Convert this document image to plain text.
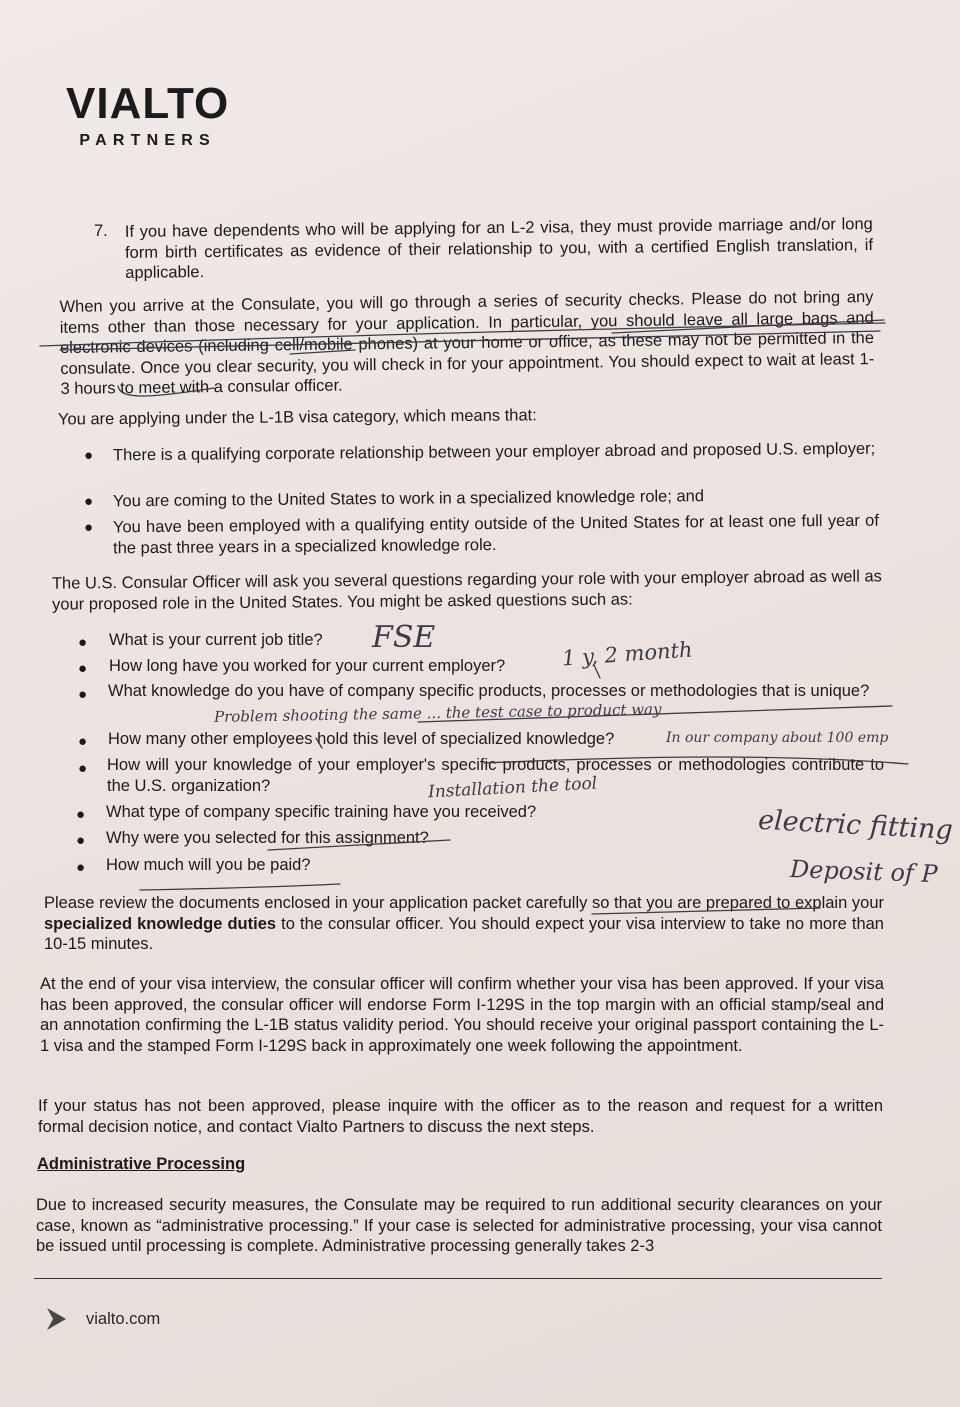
VIALTO
PARTNERS
7. If you have dependents who will be applying for an L-2 visa, they must provide marriage and/or long form birth certificates as evidence of their relationship to you, with a certified English translation, if applicable.
When you arrive at the Consulate, you will go through a series of security checks. Please do not bring any items other than those necessary for your application. In particular, you should leave all large bags and electronic devices (including cell/mobile phones) at your home or office, as these may not be permitted in the consulate. Once you clear security, you will check in for your appointment. You should expect to wait at least 1-3 hours to meet with a consular officer.
You are applying under the L-1B visa category, which means that:
● There is a qualifying corporate relationship between your employer abroad and proposed U.S. employer;
● You are coming to the United States to work in a specialized knowledge role; and
● You have been employed with a qualifying entity outside of the United States for at least one full year of the past three years in a specialized knowledge role.
The U.S. Consular Officer will ask you several questions regarding your role with your employer abroad as well as your proposed role in the United States. You might be asked questions such as:
● What is your current job title?
● How long have you worked for your current employer?
● What knowledge do you have of company specific products, processes or methodologies that is unique?
● How many other employees hold this level of specialized knowledge?
● How will your knowledge of your employer's specific products, processes or methodologies contribute to the U.S. organization?
● What type of company specific training have you received?
● Why were you selected for this assignment?
● How much will you be paid?
Please review the documents enclosed in your application packet carefully so that you are prepared to explain your specialized knowledge duties to the consular officer. You should expect your visa interview to take no more than 10-15 minutes.
At the end of your visa interview, the consular officer will confirm whether your visa has been approved. If your visa has been approved, the consular officer will endorse Form I-129S in the top margin with an official stamp/seal and an annotation confirming the L-1B status validity period. You should receive your original passport containing the L-1 visa and the stamped Form I-129S back in approximately one week following the appointment.
If your status has not been approved, please inquire with the officer as to the reason and request for a written formal decision notice, and contact Vialto Partners to discuss the next steps.
Administrative Processing
Due to increased security measures, the Consulate may be required to run additional security clearances on your case, known as “administrative processing.” If your case is selected for administrative processing, your visa cannot be issued until processing is complete. Administrative processing generally takes 2-3
vialto.com
FSE	1 y, 2 month
Problem shooting the same ... the test case to product way
In our company about 100 emp
Installation the tool
electric fitting
Deposit of P
